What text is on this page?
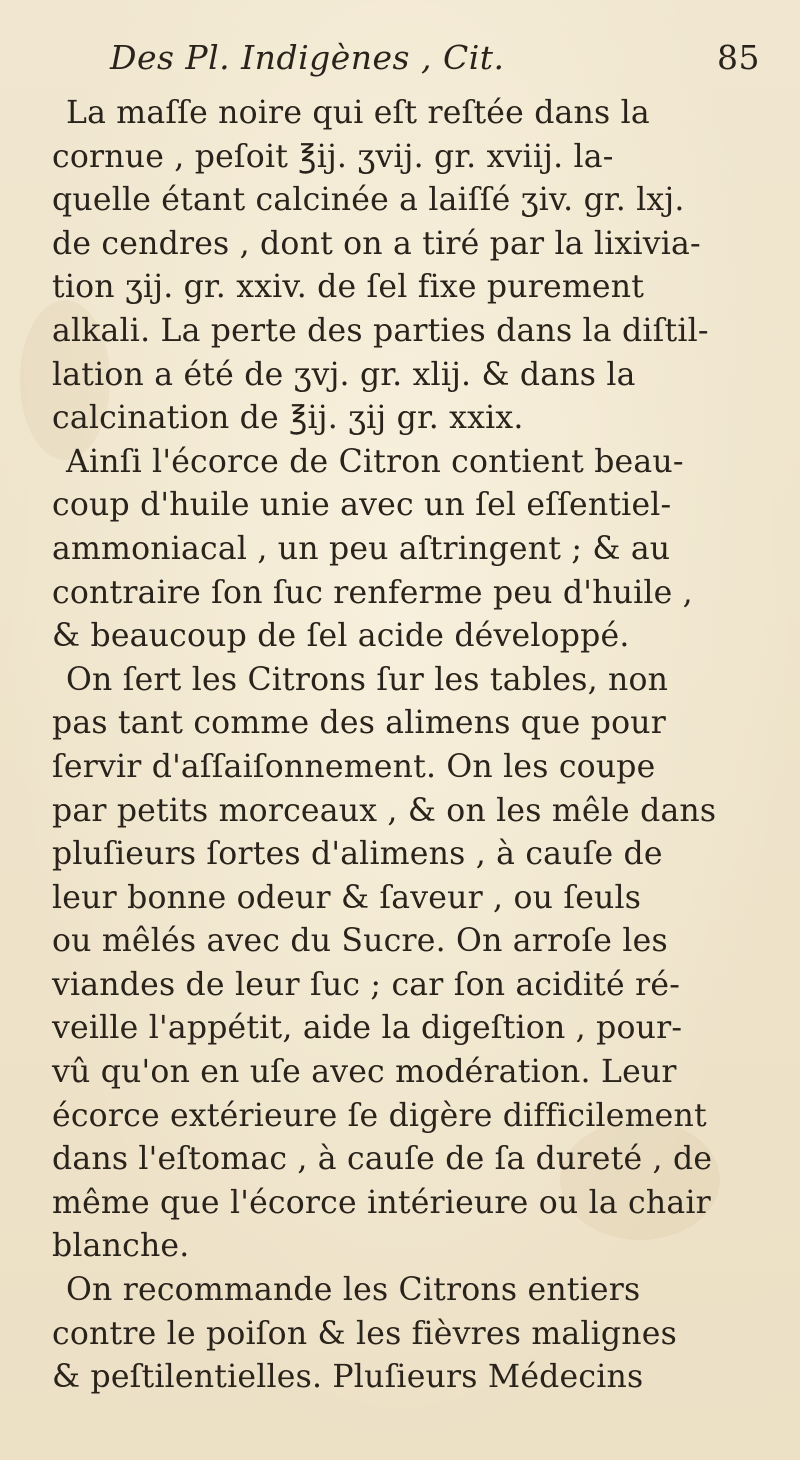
Des Pl. Indigènes , Cit.	85
La maſſe noire qui eſt reſtée dans la
cornue , peſoit ℥ij. ʒvij. gr. xviij. la-
quelle étant calcinée a laiſſé ʒiv. gr. lxj.
de cendres , dont on a tiré par la lixivia-
tion ʒij. gr. xxiv. de ſel fixe purement
alkali. La perte des parties dans la diſtil-
lation a été de ʒvj. gr. xlij. & dans la
calcination de ℥ij. ʒij gr. xxix.
Ainſi l'écorce de Citron contient beau-
coup d'huile unie avec un ſel eſſentiel-
ammoniacal , un peu aſtringent ; & au
contraire ſon ſuc renferme peu d'huile ,
& beaucoup de ſel acide développé.
On ſert les Citrons ſur les tables, non
pas tant comme des alimens que pour
ſervir d'aſſaiſonnement. On les coupe
par petits morceaux , & on les mêle dans
pluſieurs ſortes d'alimens , à cauſe de
leur bonne odeur & ſaveur , ou ſeuls
ou mêlés avec du Sucre. On arroſe les
viandes de leur ſuc ; car ſon acidité ré-
veille l'appétit, aide la digeſtion , pour-
vû qu'on en uſe avec modération. Leur
écorce extérieure ſe digère difficilement
dans l'eſtomac , à cauſe de ſa dureté , de
même que l'écorce intérieure ou la chair
blanche.
On recommande les Citrons entiers
contre le poiſon & les fièvres malignes
& peſtilentielles. Pluſieurs Médecins
